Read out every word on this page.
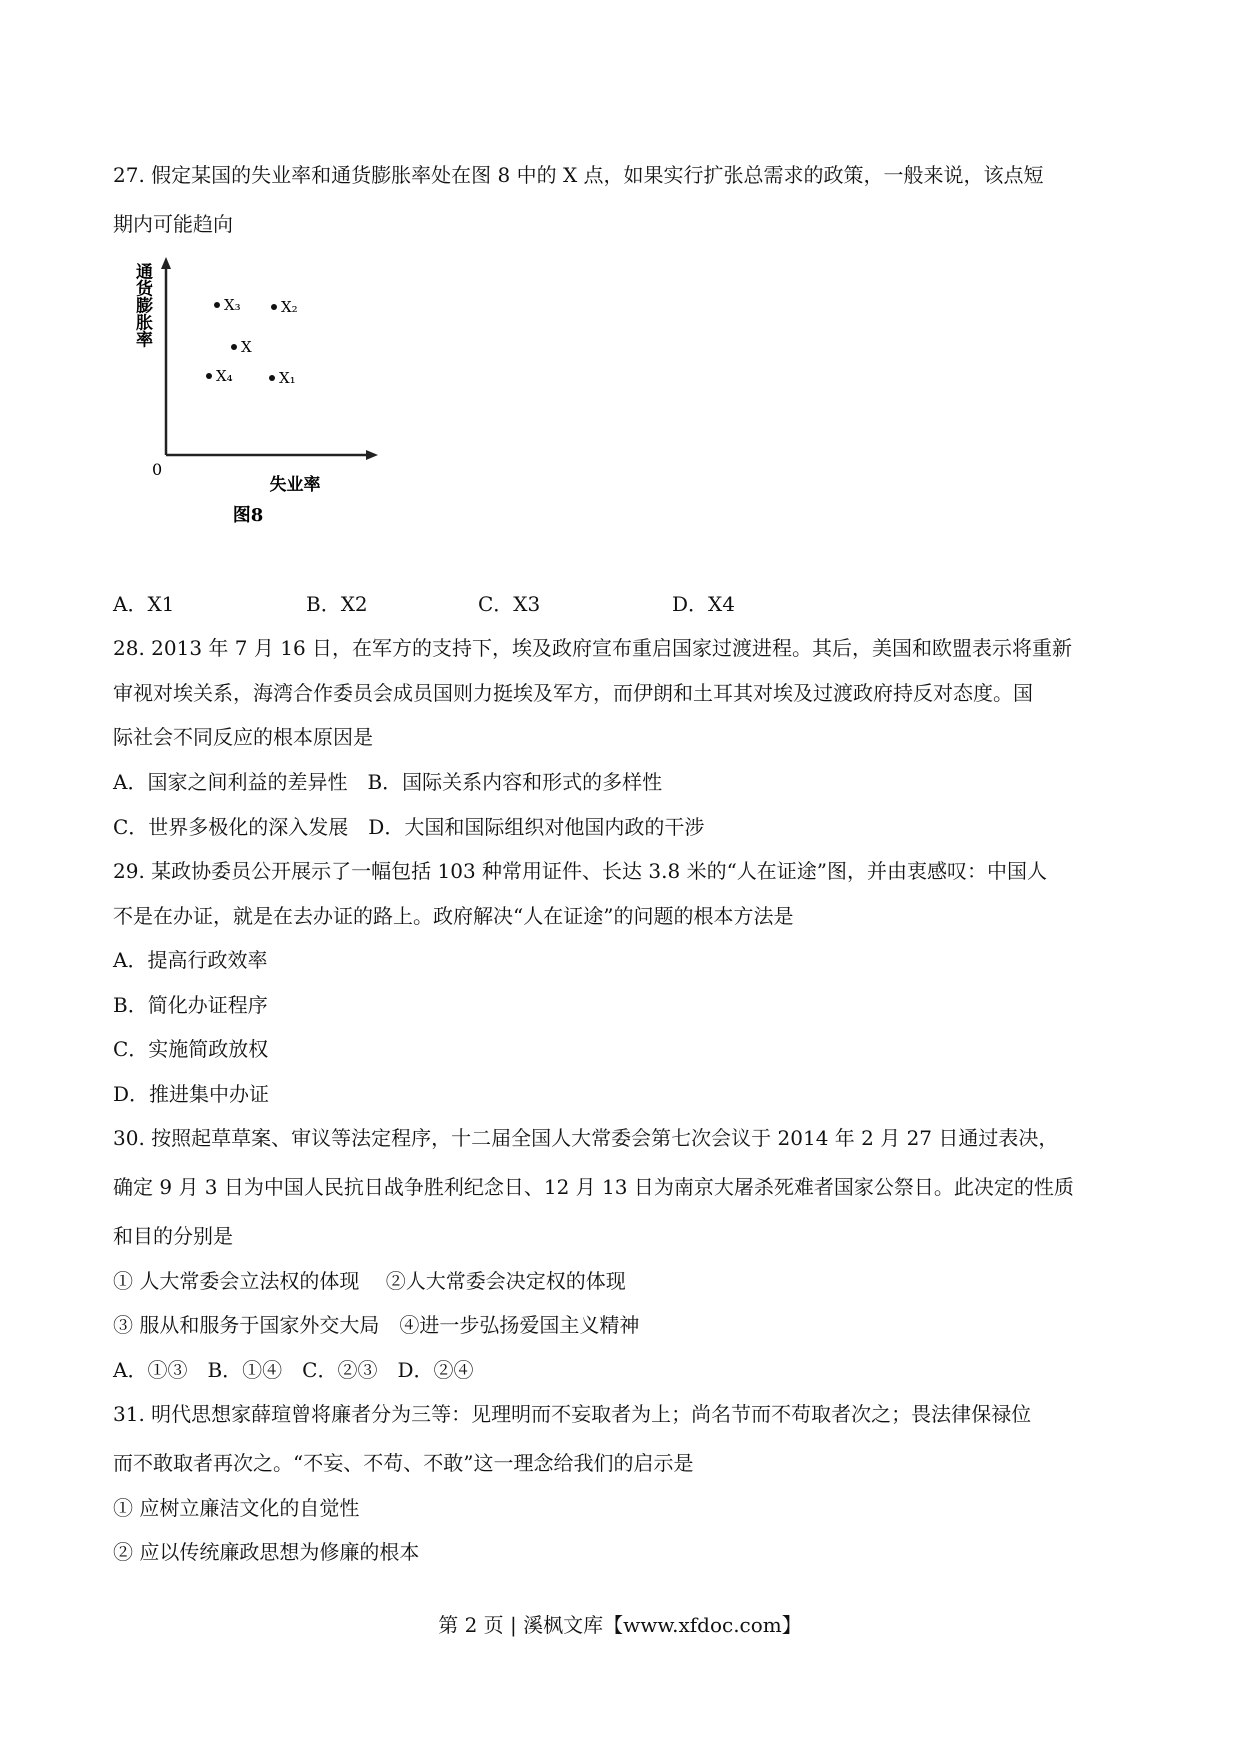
27. 假定某国的失业率和通货膨胀率处在图 8 中的 X 点，如果实行扩张总需求的政策，一般来说，该点短
期内可能趋向
通货膨胀率
0
失业率
X₃	X₂
X
X₄	X₁
图8
A．X1	B．X2	C．X3	D．X4
28. 2013 年 7 月 16 日，在军方的支持下，埃及政府宣布重启国家过渡进程。其后，美国和欧盟表示将重新
审视对埃关系，海湾合作委员会成员国则力挺埃及军方，而伊朗和土耳其对埃及过渡政府持反对态度。国
际社会不同反应的根本原因是
A．国家之间利益的差异性　B．国际关系内容和形式的多样性
C．世界多极化的深入发展　D．大国和国际组织对他国内政的干涉
29. 某政协委员公开展示了一幅包括 103 种常用证件、长达 3.8 米的“人在证途”图，并由衷感叹：中国人
不是在办证，就是在去办证的路上。政府解决“人在证途”的问题的根本方法是
A．提高行政效率
B．简化办证程序
C．实施简政放权
D．推进集中办证
30. 按照起草草案、审议等法定程序，十二届全国人大常委会第七次会议于 2014 年 2 月 27 日通过表决，
确定 9 月 3 日为中国人民抗日战争胜利纪念日、12 月 13 日为南京大屠杀死难者国家公祭日。此决定的性质
和目的分别是
① 人大常委会立法权的体现　 ②人大常委会决定权的体现
③ 服从和服务于国家外交大局　④进一步弘扬爱国主义精神
A．①③　B．①④　C．②③　D．②④
31. 明代思想家薛瑄曾将廉者分为三等：见理明而不妄取者为上；尚名节而不苟取者次之；畏法律保禄位
而不敢取者再次之。“不妄、不苟、不敢”这一理念给我们的启示是
① 应树立廉洁文化的自觉性
② 应以传统廉政思想为修廉的根本
第 2 页 | 溪枫文库【www.xfdoc.com】
